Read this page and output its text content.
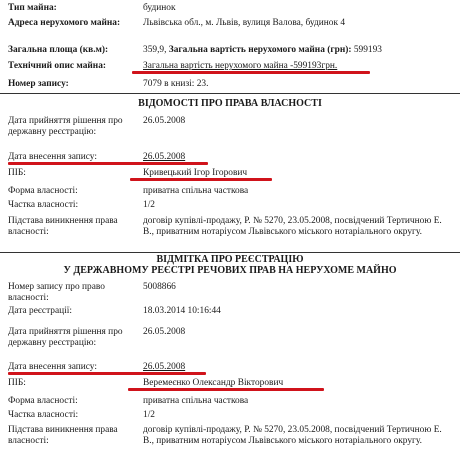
Тип майна:	будинок
Адреса нерухомого майна:	Львівська обл., м. Львів, вулиця Валова, будинок 4
Загальна площа (кв.м):	359,9, Загальна вартість нерухомого майна (грн): 599193
Технічний опис майна:	Загальна вартість нерухомого майна -599193грн.
Номер запису:	7079 в книзі: 23.
ВІДОМОСТІ ПРО ПРАВА ВЛАСНОСТІ
Дата прийняття рішення про державну реєстрацію:
26.05.2008
Дата внесення запису:	26.05.2008
ПІБ:	Кривецький Ігор Ігорович
Форма власності:	приватна спільна часткова
Частка власності:	1/2
Підстава виникнення права власності:
договір купівлі-продажу, Р. № 5270, 23.05.2008, посвідчений Тертичною Е. В., приватним нотаріусом Львівського міського нотаріального округу.
ВІДМІТКА ПРО РЕЄСТРАЦІЮ
У ДЕРЖАВНОМУ РЕЄСТРІ РЕЧОВИХ ПРАВ НА НЕРУХОМЕ МАЙНО
Номер запису про право власності:
5008866
Дата реєстрації:	18.03.2014 10:16:44
Дата прийняття рішення про державну реєстрацію:
26.05.2008
Дата внесення запису:	26.05.2008
ПІБ:	Веремеєнко Олександр Вікторович
Форма власності:	приватна спільна часткова
Частка власності:	1/2
Підстава виникнення права власності:
договір купівлі-продажу, Р. № 5270, 23.05.2008, посвідчений Тертичною Е. В., приватним нотаріусом Львівського міського нотаріального округу.
